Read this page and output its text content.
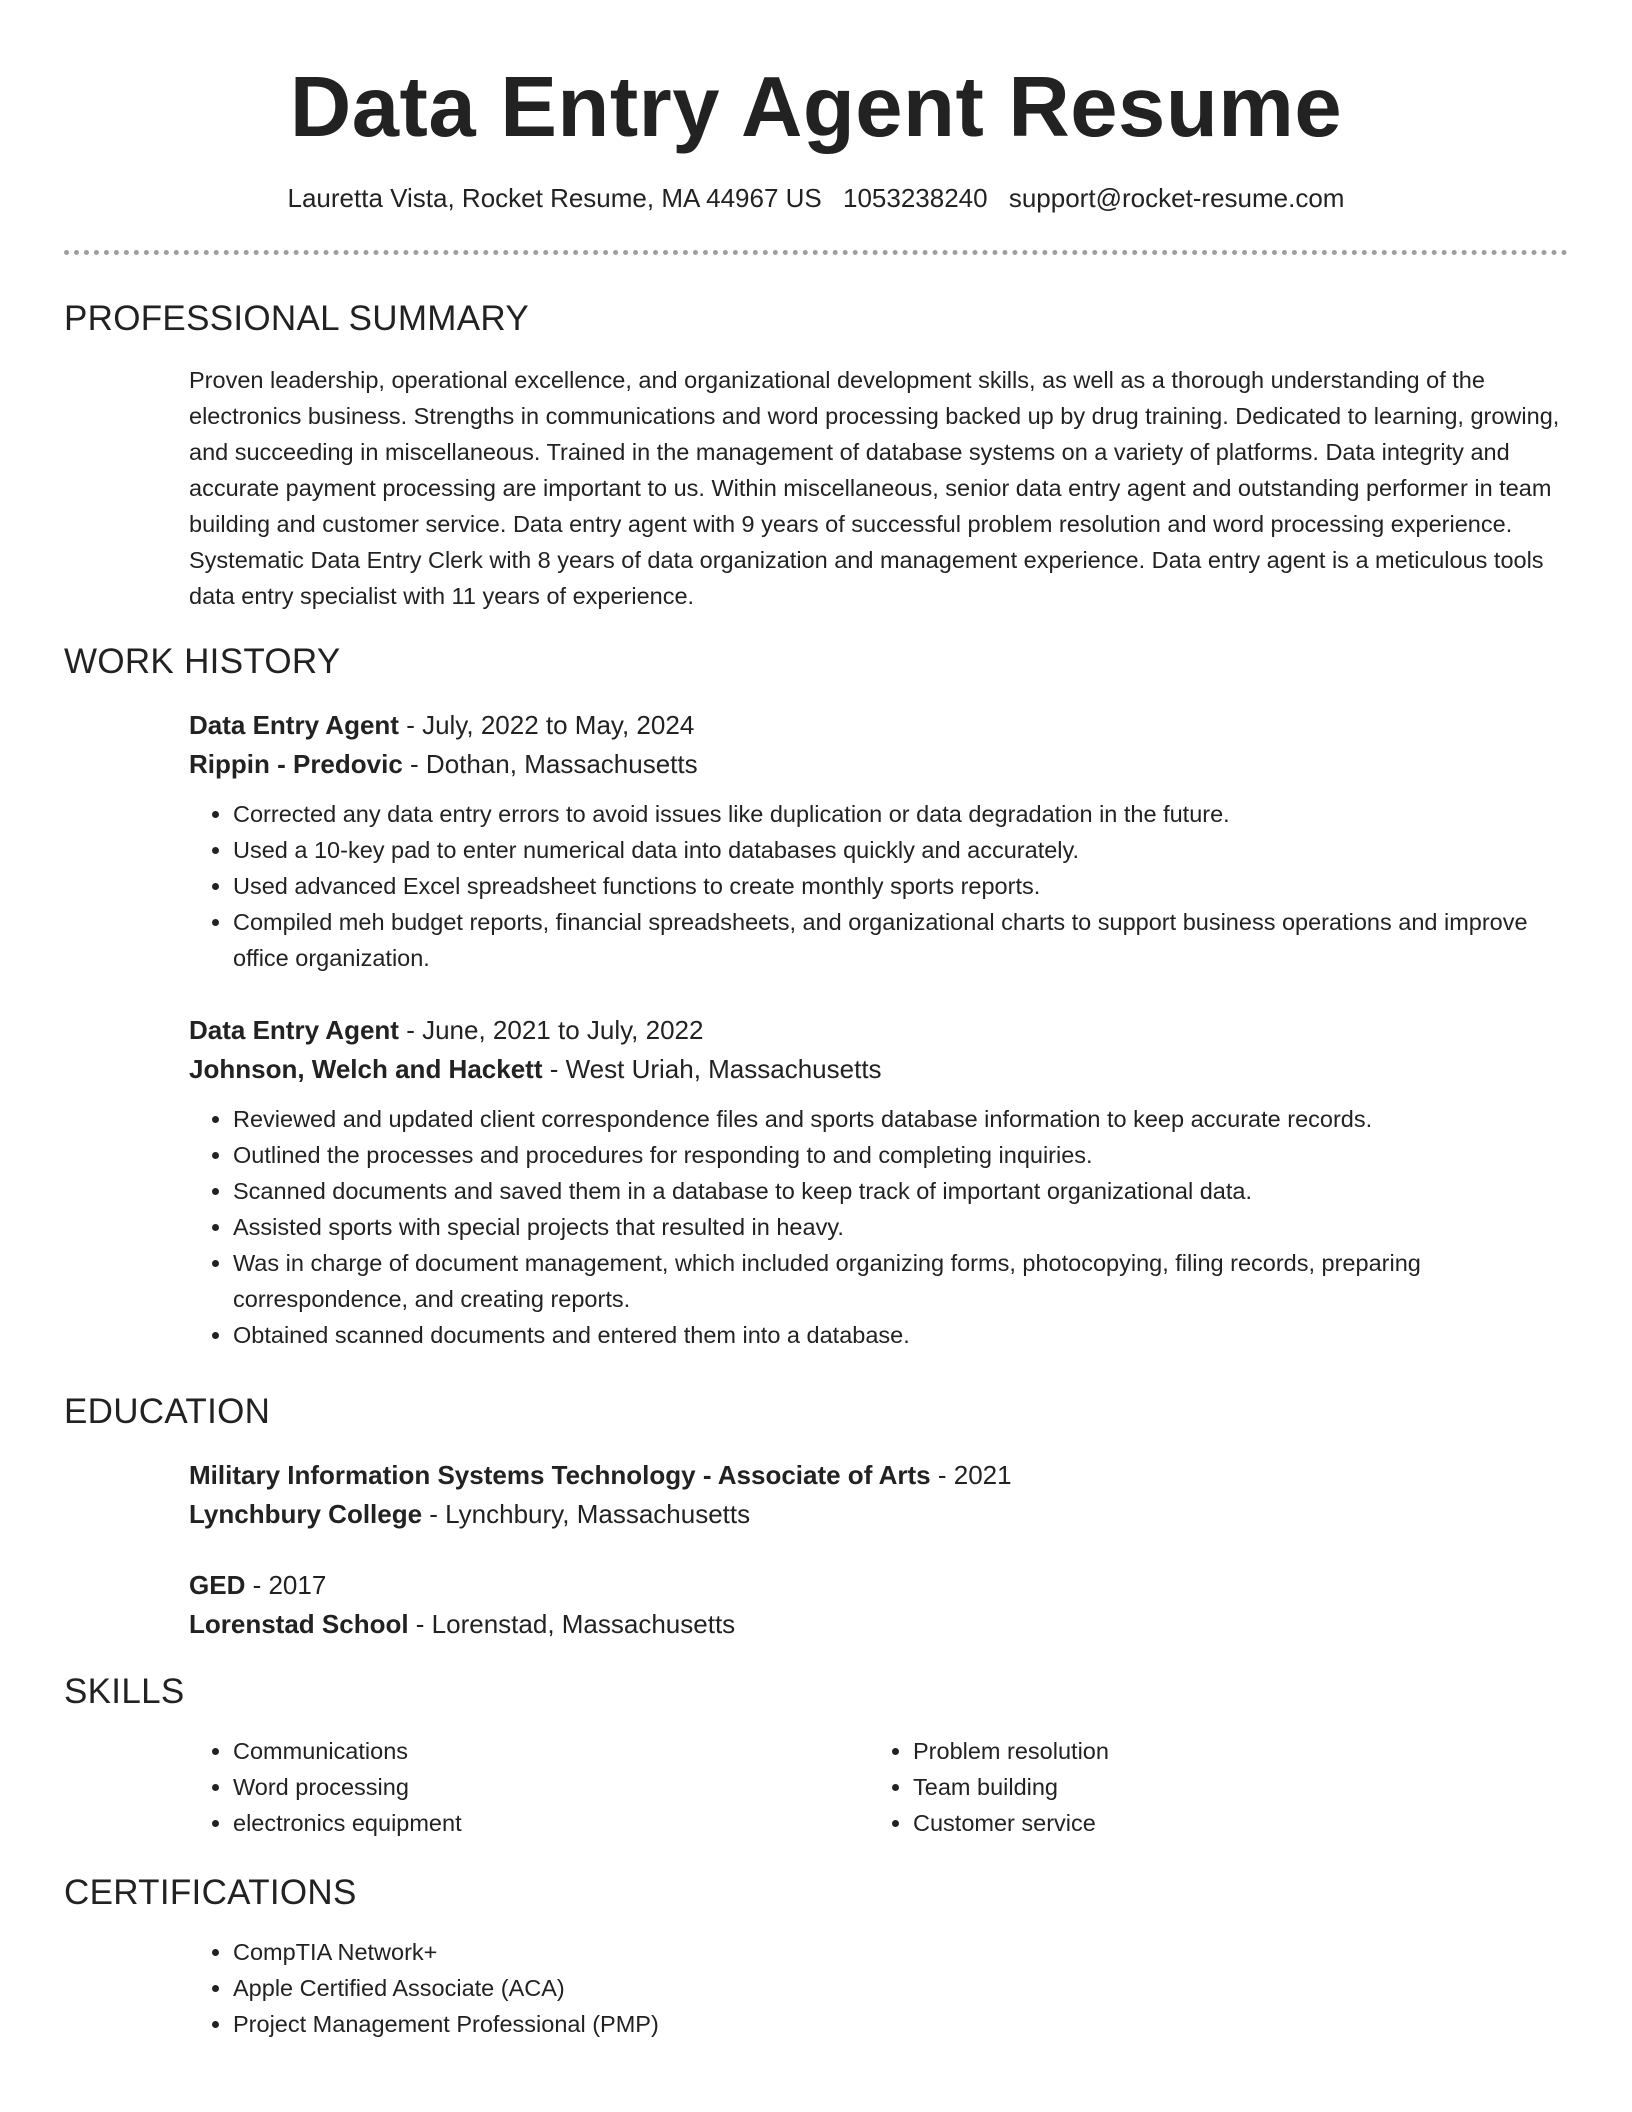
Data Entry Agent Resume
Lauretta Vista, Rocket Resume, MA 44967 US 1053238240 support@rocket-resume.com
PROFESSIONAL SUMMARY

Proven leadership, operational excellence, and organizational development skills, as well as a thorough understanding of the electronics business. Strengths in communications and word processing backed up by drug training. Dedicated to learning, growing, and succeeding in miscellaneous. Trained in the management of database systems on a variety of platforms. Data integrity and accurate payment processing are important to us. Within miscellaneous, senior data entry agent and outstanding performer in team building and customer service. Data entry agent with 9 years of successful problem resolution and word processing experience. Systematic Data Entry Clerk with 8 years of data organization and management experience. Data entry agent is a meticulous tools data entry specialist with 11 years of experience.

WORK HISTORY

Data Entry Agent - July, 2022 to May, 2024

Rippin - Predovic - Dothan, Massachusetts

• Corrected any data entry errors to avoid issues like duplication or data degradation in the future.
• Used a 10-key pad to enter numerical data into databases quickly and accurately.
• Used advanced Excel spreadsheet functions to create monthly sports reports.
• Compiled meh budget reports, financial spreadsheets, and organizational charts to support business operations and improve office organization.

Data Entry Agent - June, 2021 to July, 2022

Johnson, Welch and Hackett - West Uriah, Massachusetts

• Reviewed and updated client correspondence files and sports database information to keep accurate records.
• Outlined the processes and procedures for responding to and completing inquiries.
• Scanned documents and saved them in a database to keep track of important organizational data.
• Assisted sports with special projects that resulted in heavy.
• Was in charge of document management, which included organizing forms, photocopying, filing records, preparing correspondence, and creating reports.
• Obtained scanned documents and entered them into a database.
EDUCATION

Military Information Systems Technology - Associate of Arts - 2021

Lynchbury College - Lynchbury, Massachusetts

GED - 2017

Lorenstad School - Lorenstad, Massachusetts

SKILLS
• Communications
• Word processing
• electronics equipment
• Problem resolution
• Team building
• Customer service
CERTIFICATIONS
• CompTIA Network+
• Apple Certified Associate (ACA)
• Project Management Professional (PMP)
